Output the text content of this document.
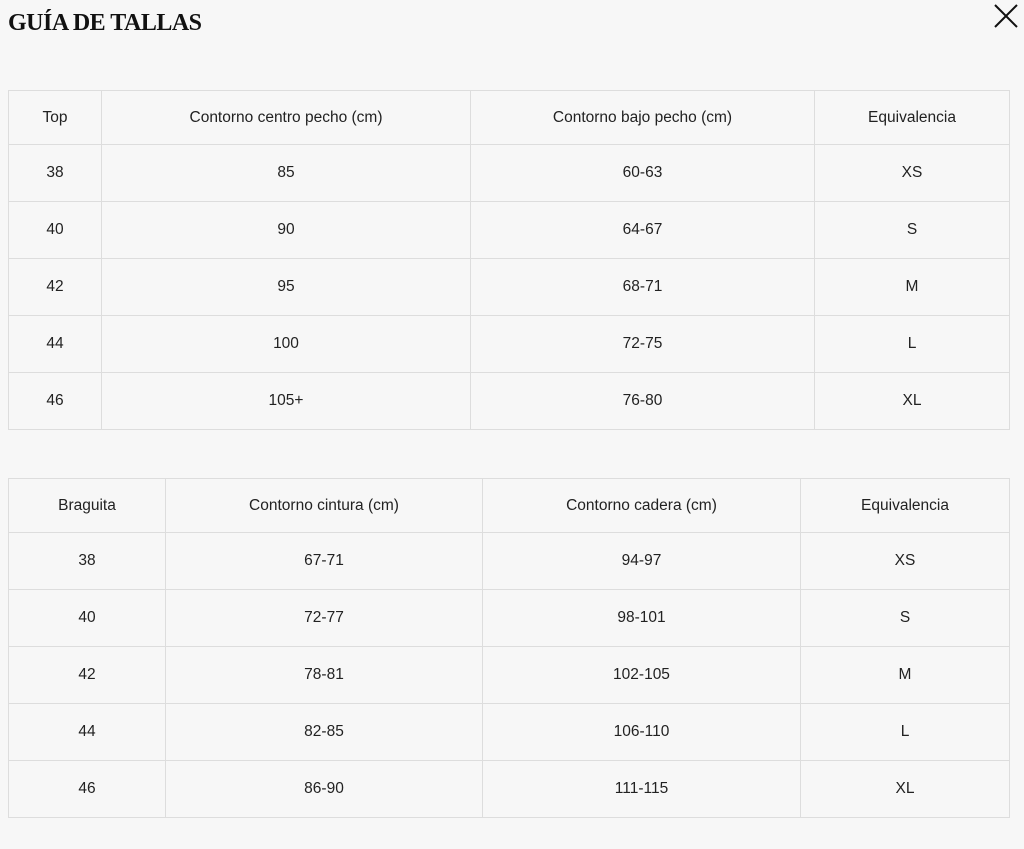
GUÍA DE TALLAS
Top	Contorno centro pecho (cm)	Contorno bajo pecho (cm)	Equivalencia
38	85	60-63	XS
40	90	64-67	S
42	95	68-71	M
44	100	72-75	L
46	105+	76-80	XL
Braguita	Contorno cintura (cm)	Contorno cadera (cm)	Equivalencia
38	67-71	94-97	XS
40	72-77	98-101	S
42	78-81	102-105	M
44	82-85	106-110	L
46	86-90	111-115	XL
